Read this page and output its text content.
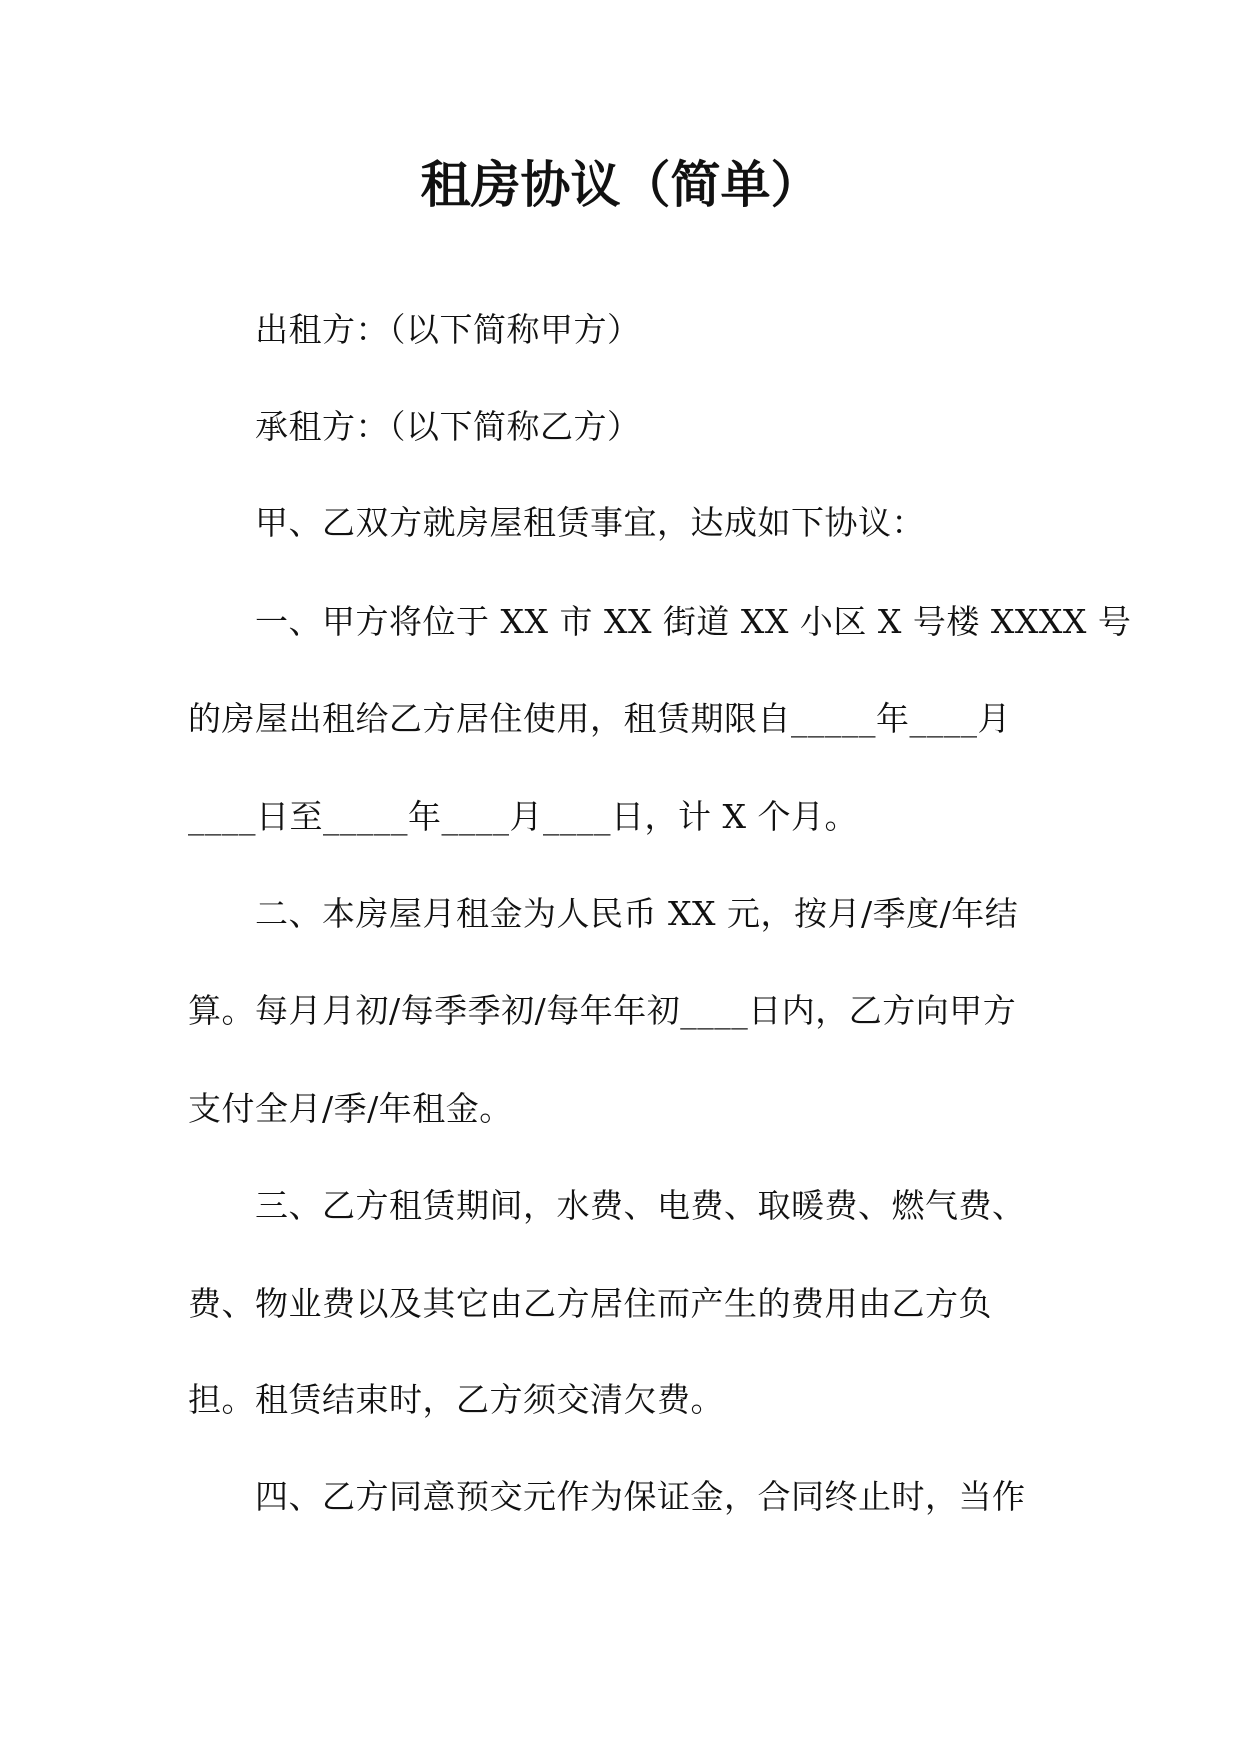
租房协议（简单）
出租方：（以下简称甲方）
承租方：（以下简称乙方）
甲、乙双方就房屋租赁事宜，达成如下协议：
一、甲方将位于 XX 市 XX 街道 XX 小区 X 号楼 XXXX 号
的房屋出租给乙方居住使用，租赁期限自_____年____月
____日至_____年____月____日，计 X 个月。
二、本房屋月租金为人民币 XX 元，按月/季度/年结
算。每月月初/每季季初/每年年初____日内，乙方向甲方
支付全月/季/年租金。
三、乙方租赁期间，水费、电费、取暖费、燃气费、
费、物业费以及其它由乙方居住而产生的费用由乙方负
担。租赁结束时，乙方须交清欠费。
四、乙方同意预交元作为保证金，合同终止时，当作
